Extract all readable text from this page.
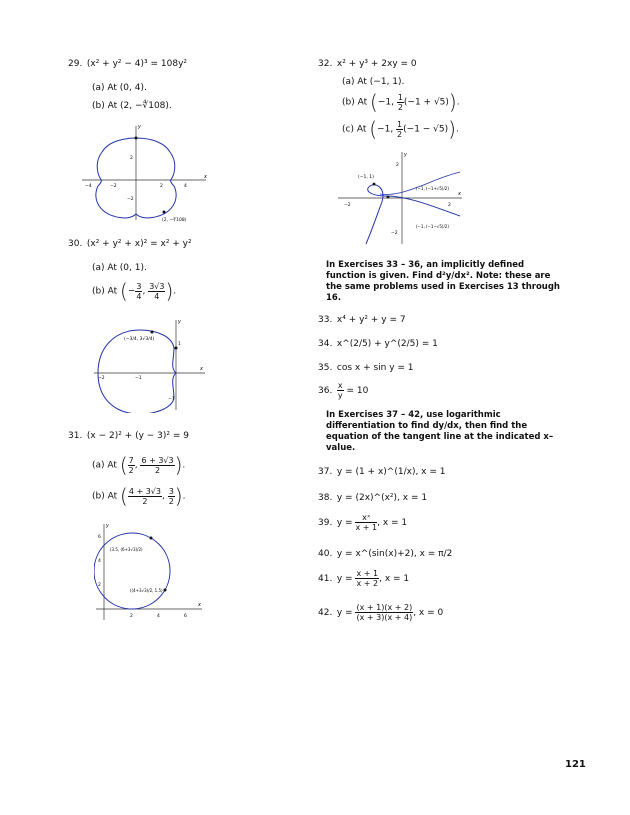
29. (x² + y² − 4)³ = 108y²
(a) At (0, 4).
(b) At (2, −∜108).
x
y
−4	−2	2	4
2
−2
(2, −∜108)
30. (x² + y² + x)² = x² + y²
(a) At (0, 1).
(b) At (− $\frac{3}{4}$ , $\frac{3√3}{4}$ ).
x
y
−2	−1
1
−1
(−3/4, 3√3/4)
31. (x − 2)² + (y − 3)² = 9
(a) At ( $\frac{7}{2}$ , $\frac{6 + 3√3}{2}$ ).
(b) At ( $\frac{4 + 3√3}{2}$ , $\frac{3}{2}$ ).
x
y
2	4	6
2
4
6
(3.5, (6+3√3)/2)
((4+3√3)/2, 1.5)
32. x² + y³ + 2xy = 0
(a) At (−1, 1).
(b) At (−1, $\frac{1}{2} (-1 + √5)$).
(c) At (−1, $\frac{1}{2} (-1 - √5)$).
x
y
−2	2
2
−2
(−1, 1)
(−1, (−1+√5)/2)
(−1, (−1−√5)/2)
In Exercises 33 – 36, an implicitly defined function is given. Find d²y/dx². Note: these are the same problems used in Exercises 13 through 16.
33. x⁴ + y² + y = 7
34. x^(2/5) + y^(2/5) = 1
35. cos x + sin y = 1
36. $\frac{x}{y} = 10$
In Exercises 37 – 42, use logarithmic differentiation to find dy/dx, then find the equation of the tangent line at the indicated x–value.
37. y = (1 + x)^(1/x), x = 1
38. y = (2x)^(x²), x = 1
39. $y = \frac{\text{xˣ}}{x + 1}$ , x = 1
40. y = x^(sin(x)+2), x = π/2
41. $y = \frac{x + 1}{x + 2}$ , x = 1
42. $y = \frac{(x + 1)(x + 2)}{(x + 3)(x + 4)}$ , x = 0
121
